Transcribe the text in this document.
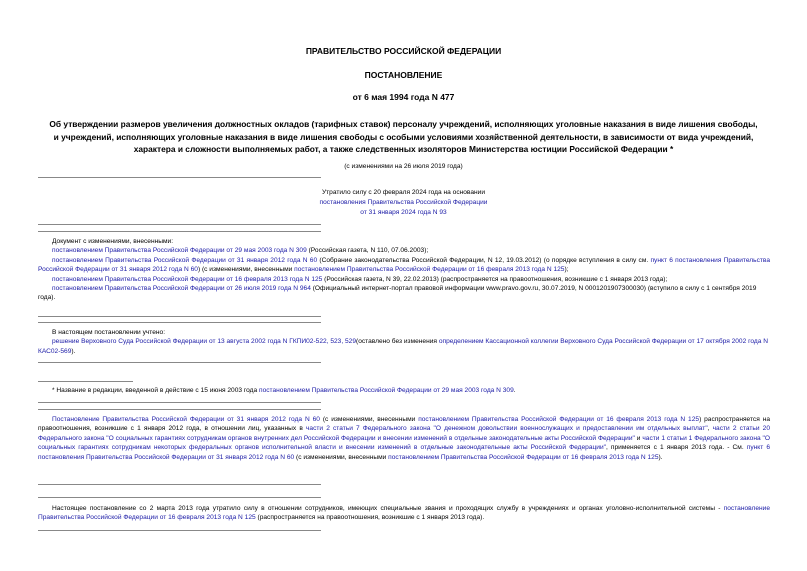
ПРАВИТЕЛЬСТВО РОССИЙСКОЙ ФЕДЕРАЦИИ
ПОСТАНОВЛЕНИЕ
от 6 мая 1994 года N 477
Об утверждении размеров увеличения должностных окладов (тарифных ставок) персоналу учреждений, исполняющих уголовные наказания в виде лишения свободы, и учреждений, исполняющих уголовные наказания в виде лишения свободы с особыми условиями хозяйственной деятельности, в зависимости от вида учреждений, характера и сложности выполняемых работ, а также следственных изоляторов Министерства юстиции Российской Федерации *
(с изменениями на 26 июля 2019 года)
Утратило силу с 20 февраля 2024 года на основании
постановления Правительства Российской Федерации
от 31 января 2024 года N 93

Документ с изменениями, внесенными:

постановлением Правительства Российской Федерации от 29 мая 2003 года N 309 (Российская газета, N 110, 07.06.2003);

постановлением Правительства Российской Федерации от 31 января 2012 года N 60 (Собрание законодательства Российской Федерации, N 12, 19.03.2012) (о порядке вступления в силу см. пункт 6 постановления Правительства Российской Федерации от 31 января 2012 года N 60) (с изменениями, внесенными постановлением Правительства Российской Федерации от 16 февраля 2013 года N 125);

постановлением Правительства Российской Федерации от 16 февраля 2013 года N 125 (Российская газета, N 39, 22.02.2013) (распространяется на правоотношения, возникшие с 1 января 2013 года);

постановлением Правительства Российской Федерации от 26 июля 2019 года N 964 (Официальный интернет-портал правовой информации www.pravo.gov.ru, 30.07.2019, N 0001201907300030) (вступило в силу с 1 сентября 2019 года).

В настоящем постановлении учтено:

решение Верховного Суда Российской Федерации от 13 августа 2002 года N ГКПИ02-522, 523, 529(оставлено без изменения определением Кассационной коллегии Верховного Суда Российской Федерации от 17 октября 2002 года N КАС02-569).

* Название в редакции, введенной в действие с 15 июня 2003 года постановлением Правительства Российской Федерации от 29 мая 2003 года N 309.

Постановление Правительства Российской Федерации от 31 января 2012 года N 60 (с изменениями, внесенными постановлением Правительства Российской Федерации от 16 февраля 2013 года N 125) распространяется на правоотношения, возникшие с 1 января 2012 года, в отношении лиц, указанных в части 2 статьи 7 Федерального закона "О денежном довольствии военнослужащих и предоставлении им отдельных выплат", части 2 статьи 20 Федерального закона "О социальных гарантиях сотрудникам органов внутренних дел Российской Федерации и внесении изменений в отдельные законодательные акты Российской Федерации" и части 1 статьи 1 Федерального закона "О социальных гарантиях сотрудникам некоторых федеральных органов исполнительной власти и внесении изменений в отдельные законодательные акты Российской Федерации", применяется с 1 января 2013 года. - См. пункт 6 постановления Правительства Российской Федерации от 31 января 2012 года N 60 (с изменениями, внесенными постановлением Правительства Российской Федерации от 16 февраля 2013 года N 125).

Настоящее постановление со 2 марта 2013 года утратило силу в отношении сотрудников, имеющих специальные звания и проходящих службу в учреждениях и органах уголовно-исполнительной системы - постановление Правительства Российской Федерации от 16 февраля 2013 года N 125 (распространяется на правоотношения, возникшие с 1 января 2013 года).
